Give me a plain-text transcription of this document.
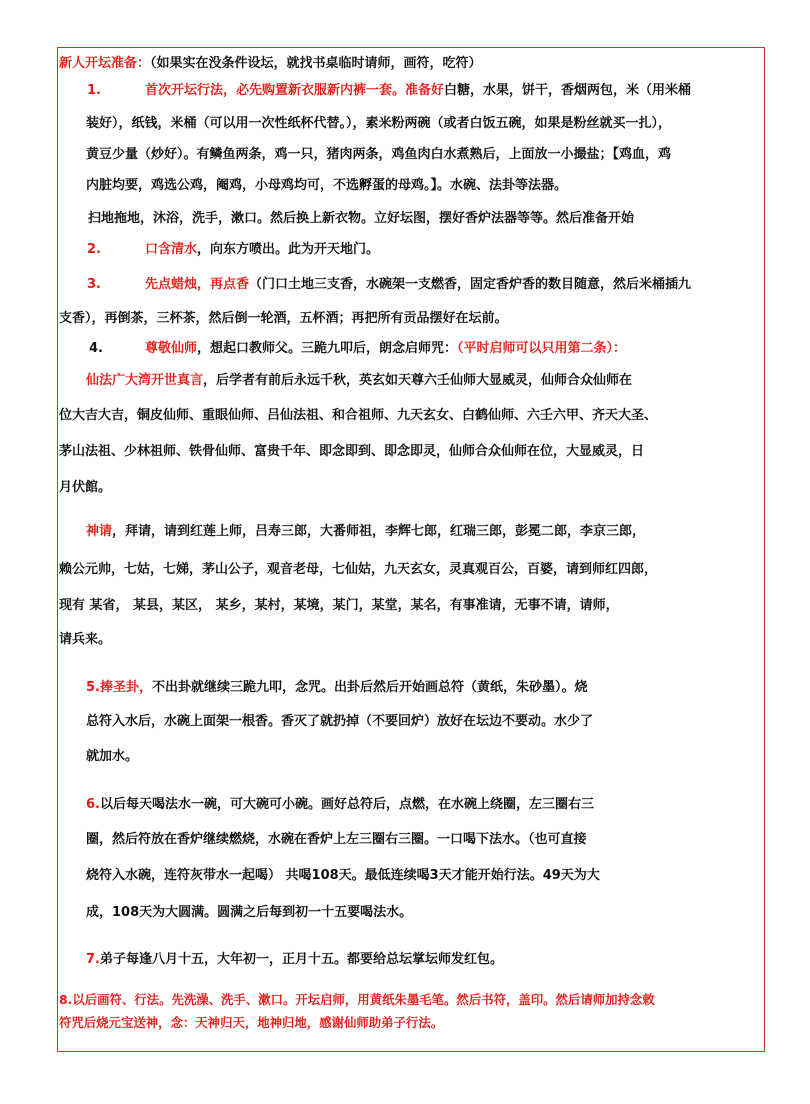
新人开坛准备：（如果实在没条件设坛，就找书桌临时请师，画符，吃符）
1.	首次开坛行法，必先购置新衣服新内裤一套。准备好白糖，水果，饼干，香烟两包，米（用米桶
装好），纸钱，米桶（可以用一次性纸杯代替。），素米粉两碗（或者白饭五碗，如果是粉丝就买一扎），
黄豆少量（炒好）。有鳞鱼两条，鸡一只，猪肉两条，鸡鱼肉白水煮熟后，上面放一小撮盐；【鸡血，鸡
内脏均要，鸡选公鸡，阉鸡，小母鸡均可，不选孵蛋的母鸡。】。水碗、法卦等法器。
扫地拖地，沐浴，洗手，漱口。然后换上新衣物。立好坛图，摆好香炉法器等等。然后准备开始
2.	口含清水，向东方喷出。此为开天地门。
3.	先点蜡烛，再点香（门口土地三支香，水碗架一支燃香，固定香炉香的数目随意，然后米桶插九
支香），再倒茶，三杯茶，然后倒一轮酒，五杯酒；再把所有贡品摆好在坛前。
4.	尊敬仙师，想起口教师父。三跪九叩后，朗念启师咒：（平时启师可以只用第二条）：
仙法广大湾开世真言，后学者有前后永远千秋，英玄如天尊六壬仙师大显威灵，仙师合众仙师在
位大吉大吉，铜皮仙师、重眼仙师、吕仙法祖、和合祖师、九天玄女、白鹤仙师、六壬六甲、齐天大圣、
茅山法祖、少林祖师、铁骨仙师、富贵千年、即念即到、即念即灵，仙师合众仙师在位，大显威灵，日
月伏館。
神请，拜请，请到红莲上师，吕寿三郎，大番师祖，李辉七郎，红瑞三郎，彭冕二郎，李京三郎，
赖公元帅，七姑，七娣，茅山公子，观音老母，七仙姑，九天玄女，灵真观百公，百婆，请到师红四郎，
现有 某省， 某县，某区， 某乡，某村，某境，某门，某堂，某名，有事准请，无事不请，请师，
请兵来。
5.捧圣卦，不出卦就继续三跪九叩，念咒。出卦后然后开始画总符（黄纸，朱砂墨）。烧
总符入水后，水碗上面架一根香。香灭了就扔掉（不要回炉）放好在坛边不要动。水少了
就加水。
6.以后每天喝法水一碗，可大碗可小碗。画好总符后，点燃，在水碗上绕圈，左三圈右三
圈，然后符放在香炉继续燃烧，水碗在香炉上左三圈右三圈。一口喝下法水。（也可直接
烧符入水碗，连符灰带水一起喝） 共喝108天。最低连续喝3天才能开始行法。49天为大
成，108天为大圆满。圆满之后每到初一十五要喝法水。
7.弟子每逢八月十五，大年初一，正月十五。都要给总坛掌坛师发红包。
8.以后画符、行法。先洗澡、洗手、漱口。开坛启师，用黄纸朱墨毛笔。然后书符，盖印。然后请师加持念敕
符咒后烧元宝送神，念：天神归天，地神归地，感谢仙师助弟子行法。
